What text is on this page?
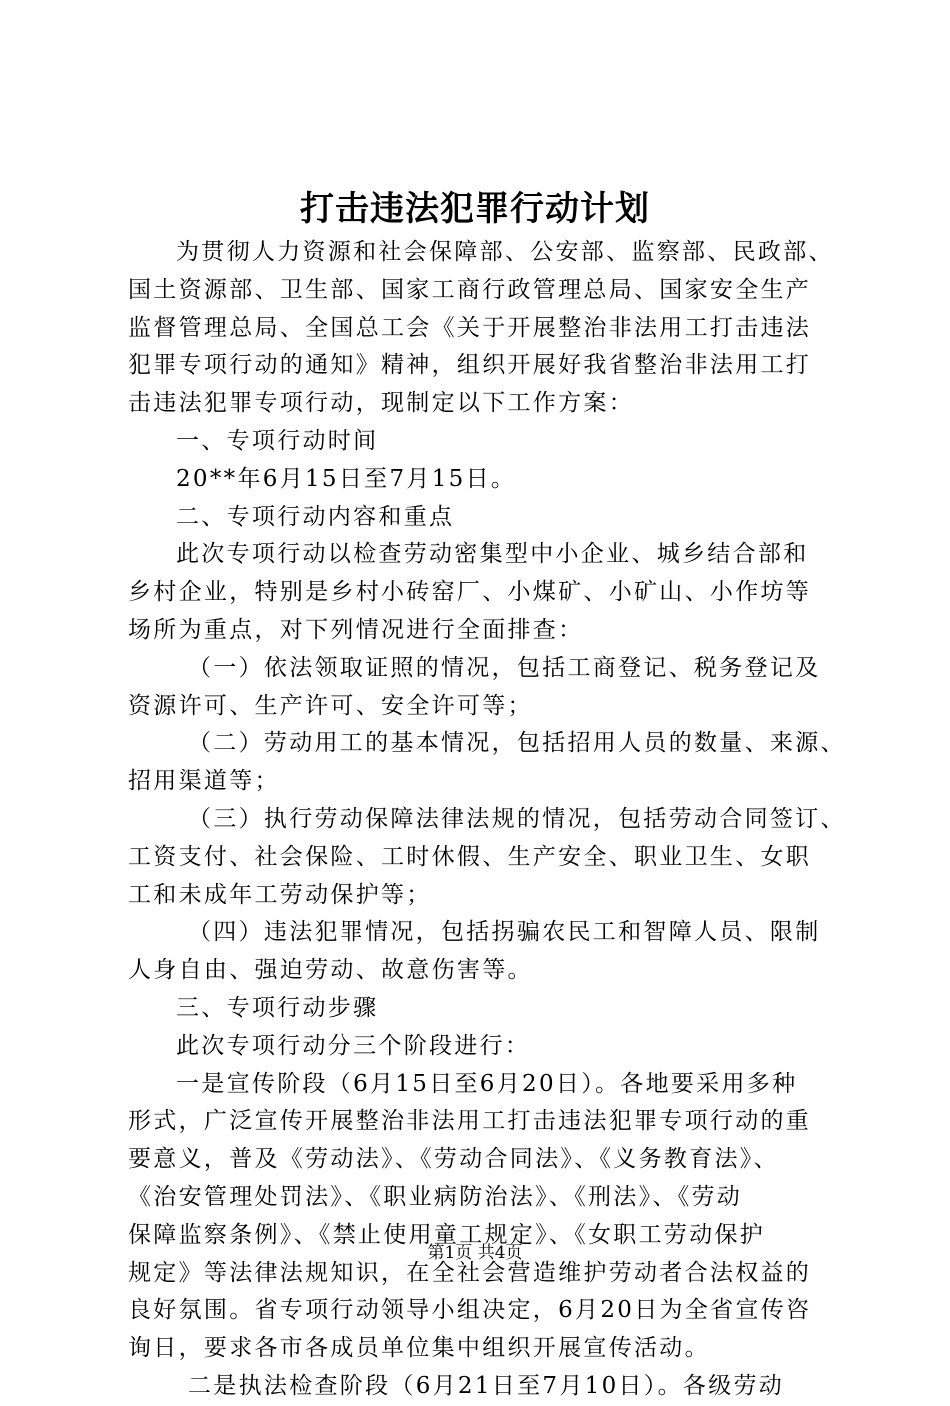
打击违法犯罪行动计划
为贯彻人力资源和社会保障部、公安部、监察部、民政部、
国土资源部、卫生部、国家工商行政管理总局、国家安全生产
监督管理总局、全国总工会《关于开展整治非法用工打击违法
犯罪专项行动的通知》精神，组织开展好我省整治非法用工打
击违法犯罪专项行动，现制定以下工作方案：
一、专项行动时间
20**年6月15日至7月15日。
二、专项行动内容和重点
此次专项行动以检查劳动密集型中小企业、城乡结合部和
乡村企业，特别是乡村小砖窑厂、小煤矿、小矿山、小作坊等
场所为重点，对下列情况进行全面排查：
（一）依法领取证照的情况，包括工商登记、税务登记及
资源许可、生产许可、安全许可等；
（二）劳动用工的基本情况，包括招用人员的数量、来源、
招用渠道等；
（三）执行劳动保障法律法规的情况，包括劳动合同签订、
工资支付、社会保险、工时休假、生产安全、职业卫生、女职
工和未成年工劳动保护等；
（四）违法犯罪情况，包括拐骗农民工和智障人员、限制
人身自由、强迫劳动、故意伤害等。
三、专项行动步骤
此次专项行动分三个阶段进行：
一是宣传阶段（6月15日至6月20日）。各地要采用多种
形式，广泛宣传开展整治非法用工打击违法犯罪专项行动的重
要意义，普及《劳动法》、《劳动合同法》、《义务教育法》、
《治安管理处罚法》、《职业病防治法》、《刑法》、《劳动
保障监察条例》、《禁止使用童工规定》、《女职工劳动保护
规定》等法律法规知识，在全社会营造维护劳动者合法权益的
良好氛围。省专项行动领导小组决定，6月20日为全省宣传咨
询日，要求各市各成员单位集中组织开展宣传活动。
二是执法检查阶段（6月21日至7月10日）。各级劳动
第1页 共4页
